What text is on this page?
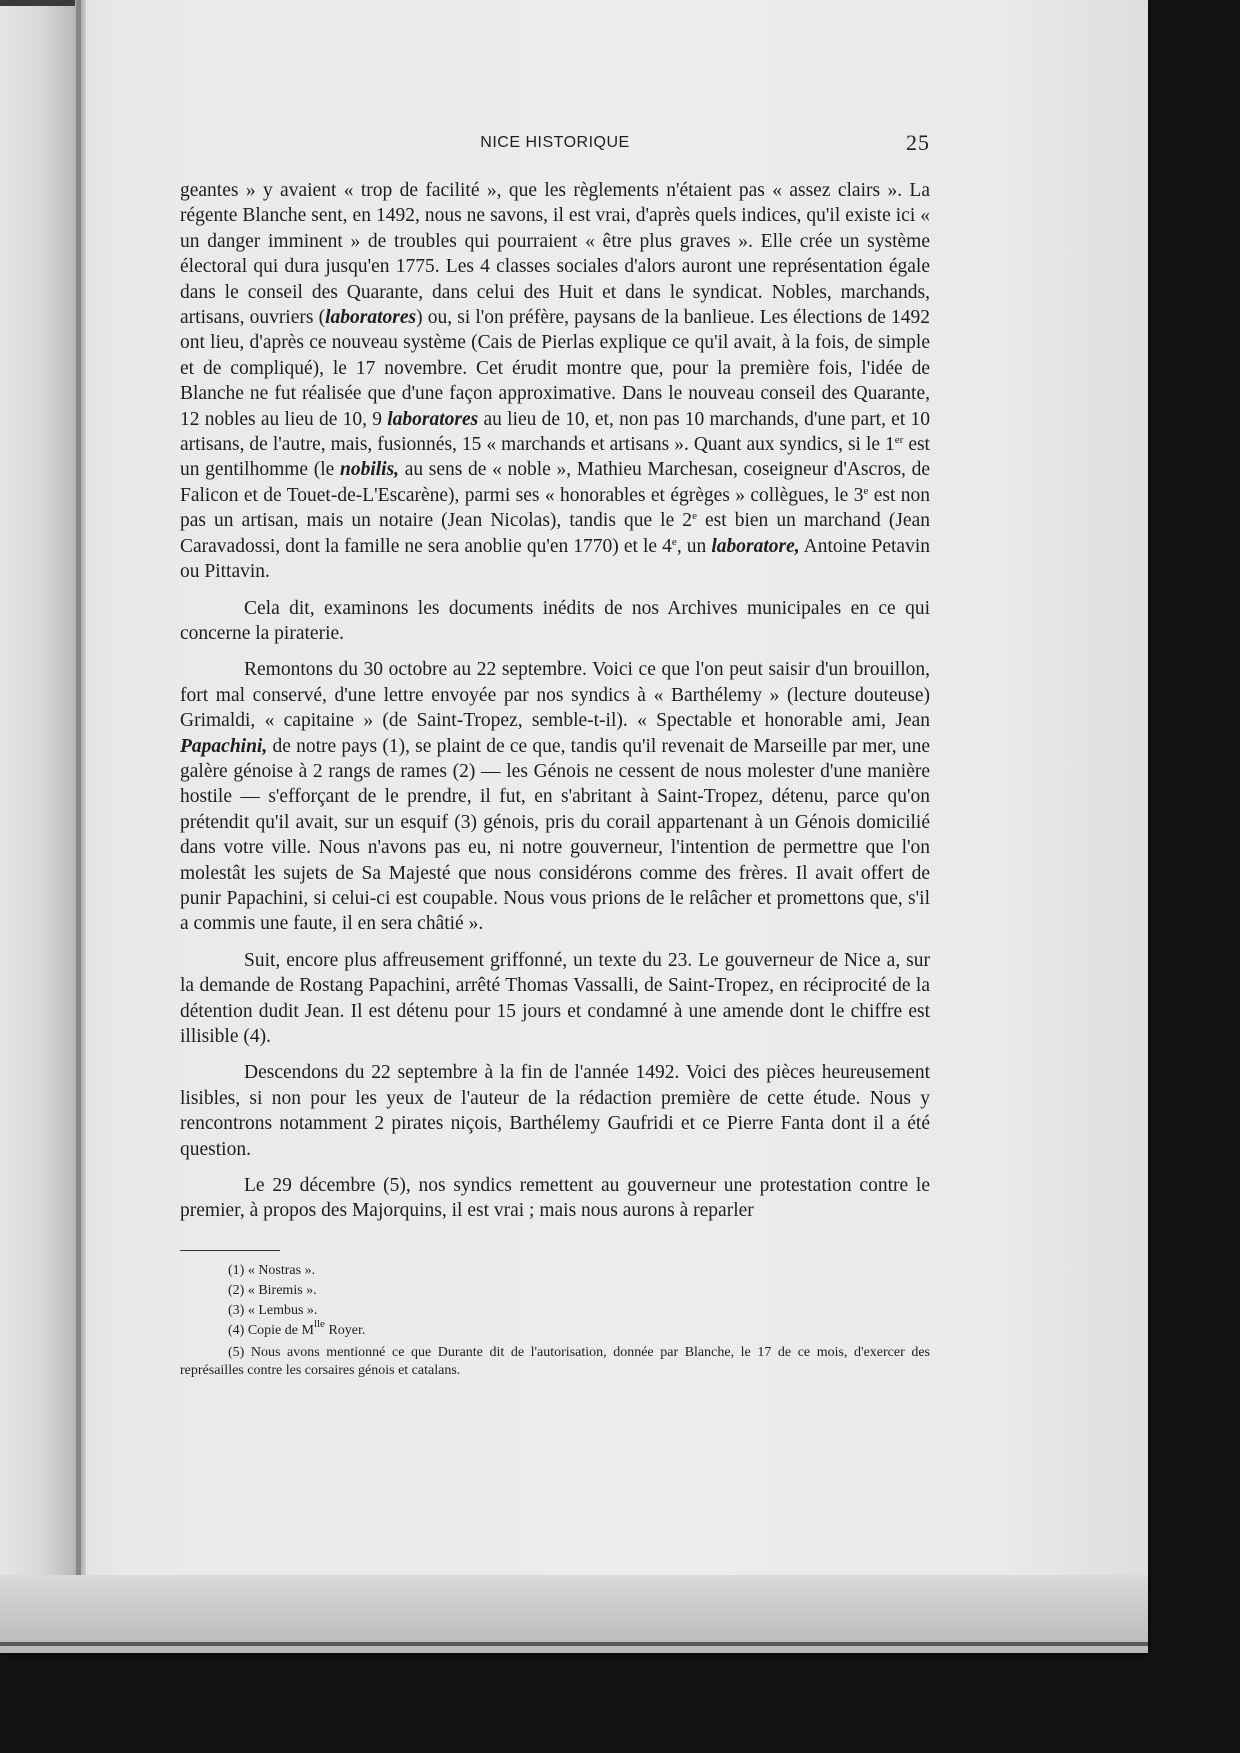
NICE HISTORIQUE	25

geantes » y avaient « trop de facilité », que les règlements n'étaient pas « assez clairs ». La régente Blanche sent, en 1492, nous ne savons, il est vrai, d'après quels indices, qu'il existe ici « un danger imminent » de troubles qui pourraient « être plus graves ». Elle crée un système électoral qui dura jusqu'en 1775. Les 4 classes sociales d'alors auront une représentation égale dans le conseil des Quarante, dans celui des Huit et dans le syndicat. Nobles, marchands, artisans, ouvriers (laboratores) ou, si l'on préfère, paysans de la banlieue. Les élections de 1492 ont lieu, d'après ce nouveau système (Cais de Pierlas explique ce qu'il avait, à la fois, de simple et de compliqué), le 17 novembre. Cet érudit montre que, pour la première fois, l'idée de Blanche ne fut réalisée que d'une façon approximative. Dans le nouveau conseil des Quarante, 12 nobles au lieu de 10, 9 laboratores au lieu de 10, et, non pas 10 marchands, d'une part, et 10 artisans, de l'autre, mais, fusionnés, 15 « marchands et artisans ». Quant aux syndics, si le 1er est un gentilhomme (le nobilis, au sens de « noble », Mathieu Marchesan, coseigneur d'Ascros, de Falicon et de Touet-de-L'Escarène), parmi ses « honorables et égrèges » collègues, le 3e est non pas un artisan, mais un notaire (Jean Nicolas), tandis que le 2e est bien un marchand (Jean Caravadossi, dont la famille ne sera anoblie qu'en 1770) et le 4e, un laboratore, Antoine Petavin ou Pittavin.

Cela dit, examinons les documents inédits de nos Archives municipales en ce qui concerne la piraterie.

Remontons du 30 octobre au 22 septembre. Voici ce que l'on peut saisir d'un brouillon, fort mal conservé, d'une lettre envoyée par nos syndics à « Barthélemy » (lecture douteuse) Grimaldi, « capitaine » (de Saint-Tropez, semble-t-il). « Spectable et honorable ami, Jean Papachini, de notre pays (1), se plaint de ce que, tandis qu'il revenait de Marseille par mer, une galère génoise à 2 rangs de rames (2) — les Génois ne cessent de nous molester d'une manière hostile — s'efforçant de le prendre, il fut, en s'abritant à Saint-Tropez, détenu, parce qu'on prétendit qu'il avait, sur un esquif (3) génois, pris du corail appartenant à un Génois domicilié dans votre ville. Nous n'avons pas eu, ni notre gouverneur, l'intention de permettre que l'on molestât les sujets de Sa Majesté que nous considérons comme des frères. Il avait offert de punir Papachini, si celui-ci est coupable. Nous vous prions de le relâcher et promettons que, s'il a commis une faute, il en sera châtié ».

Suit, encore plus affreusement griffonné, un texte du 23. Le gouverneur de Nice a, sur la demande de Rostang Papachini, arrêté Thomas Vassalli, de Saint-Tropez, en réciprocité de la détention dudit Jean. Il est détenu pour 15 jours et condamné à une amende dont le chiffre est illisible (4).

Descendons du 22 septembre à la fin de l'année 1492. Voici des pièces heureusement lisibles, si non pour les yeux de l'auteur de la rédaction première de cette étude. Nous y rencontrons notamment 2 pirates niçois, Barthélemy Gaufridi et ce Pierre Fanta dont il a été question.

Le 29 décembre (5), nos syndics remettent au gouverneur une protestation contre le premier, à propos des Majorquins, il est vrai ; mais nous aurons à reparler

(1) « Nostras ».
(2) « Biremis ».
(3) « Lembus ».
(4) Copie de $M^{lle}$ Royer.
(5) Nous avons mentionné ce que Durante dit de l'autorisation, donnée par Blanche, le 17 de ce mois, d'exercer des représailles contre les corsaires génois et catalans.
